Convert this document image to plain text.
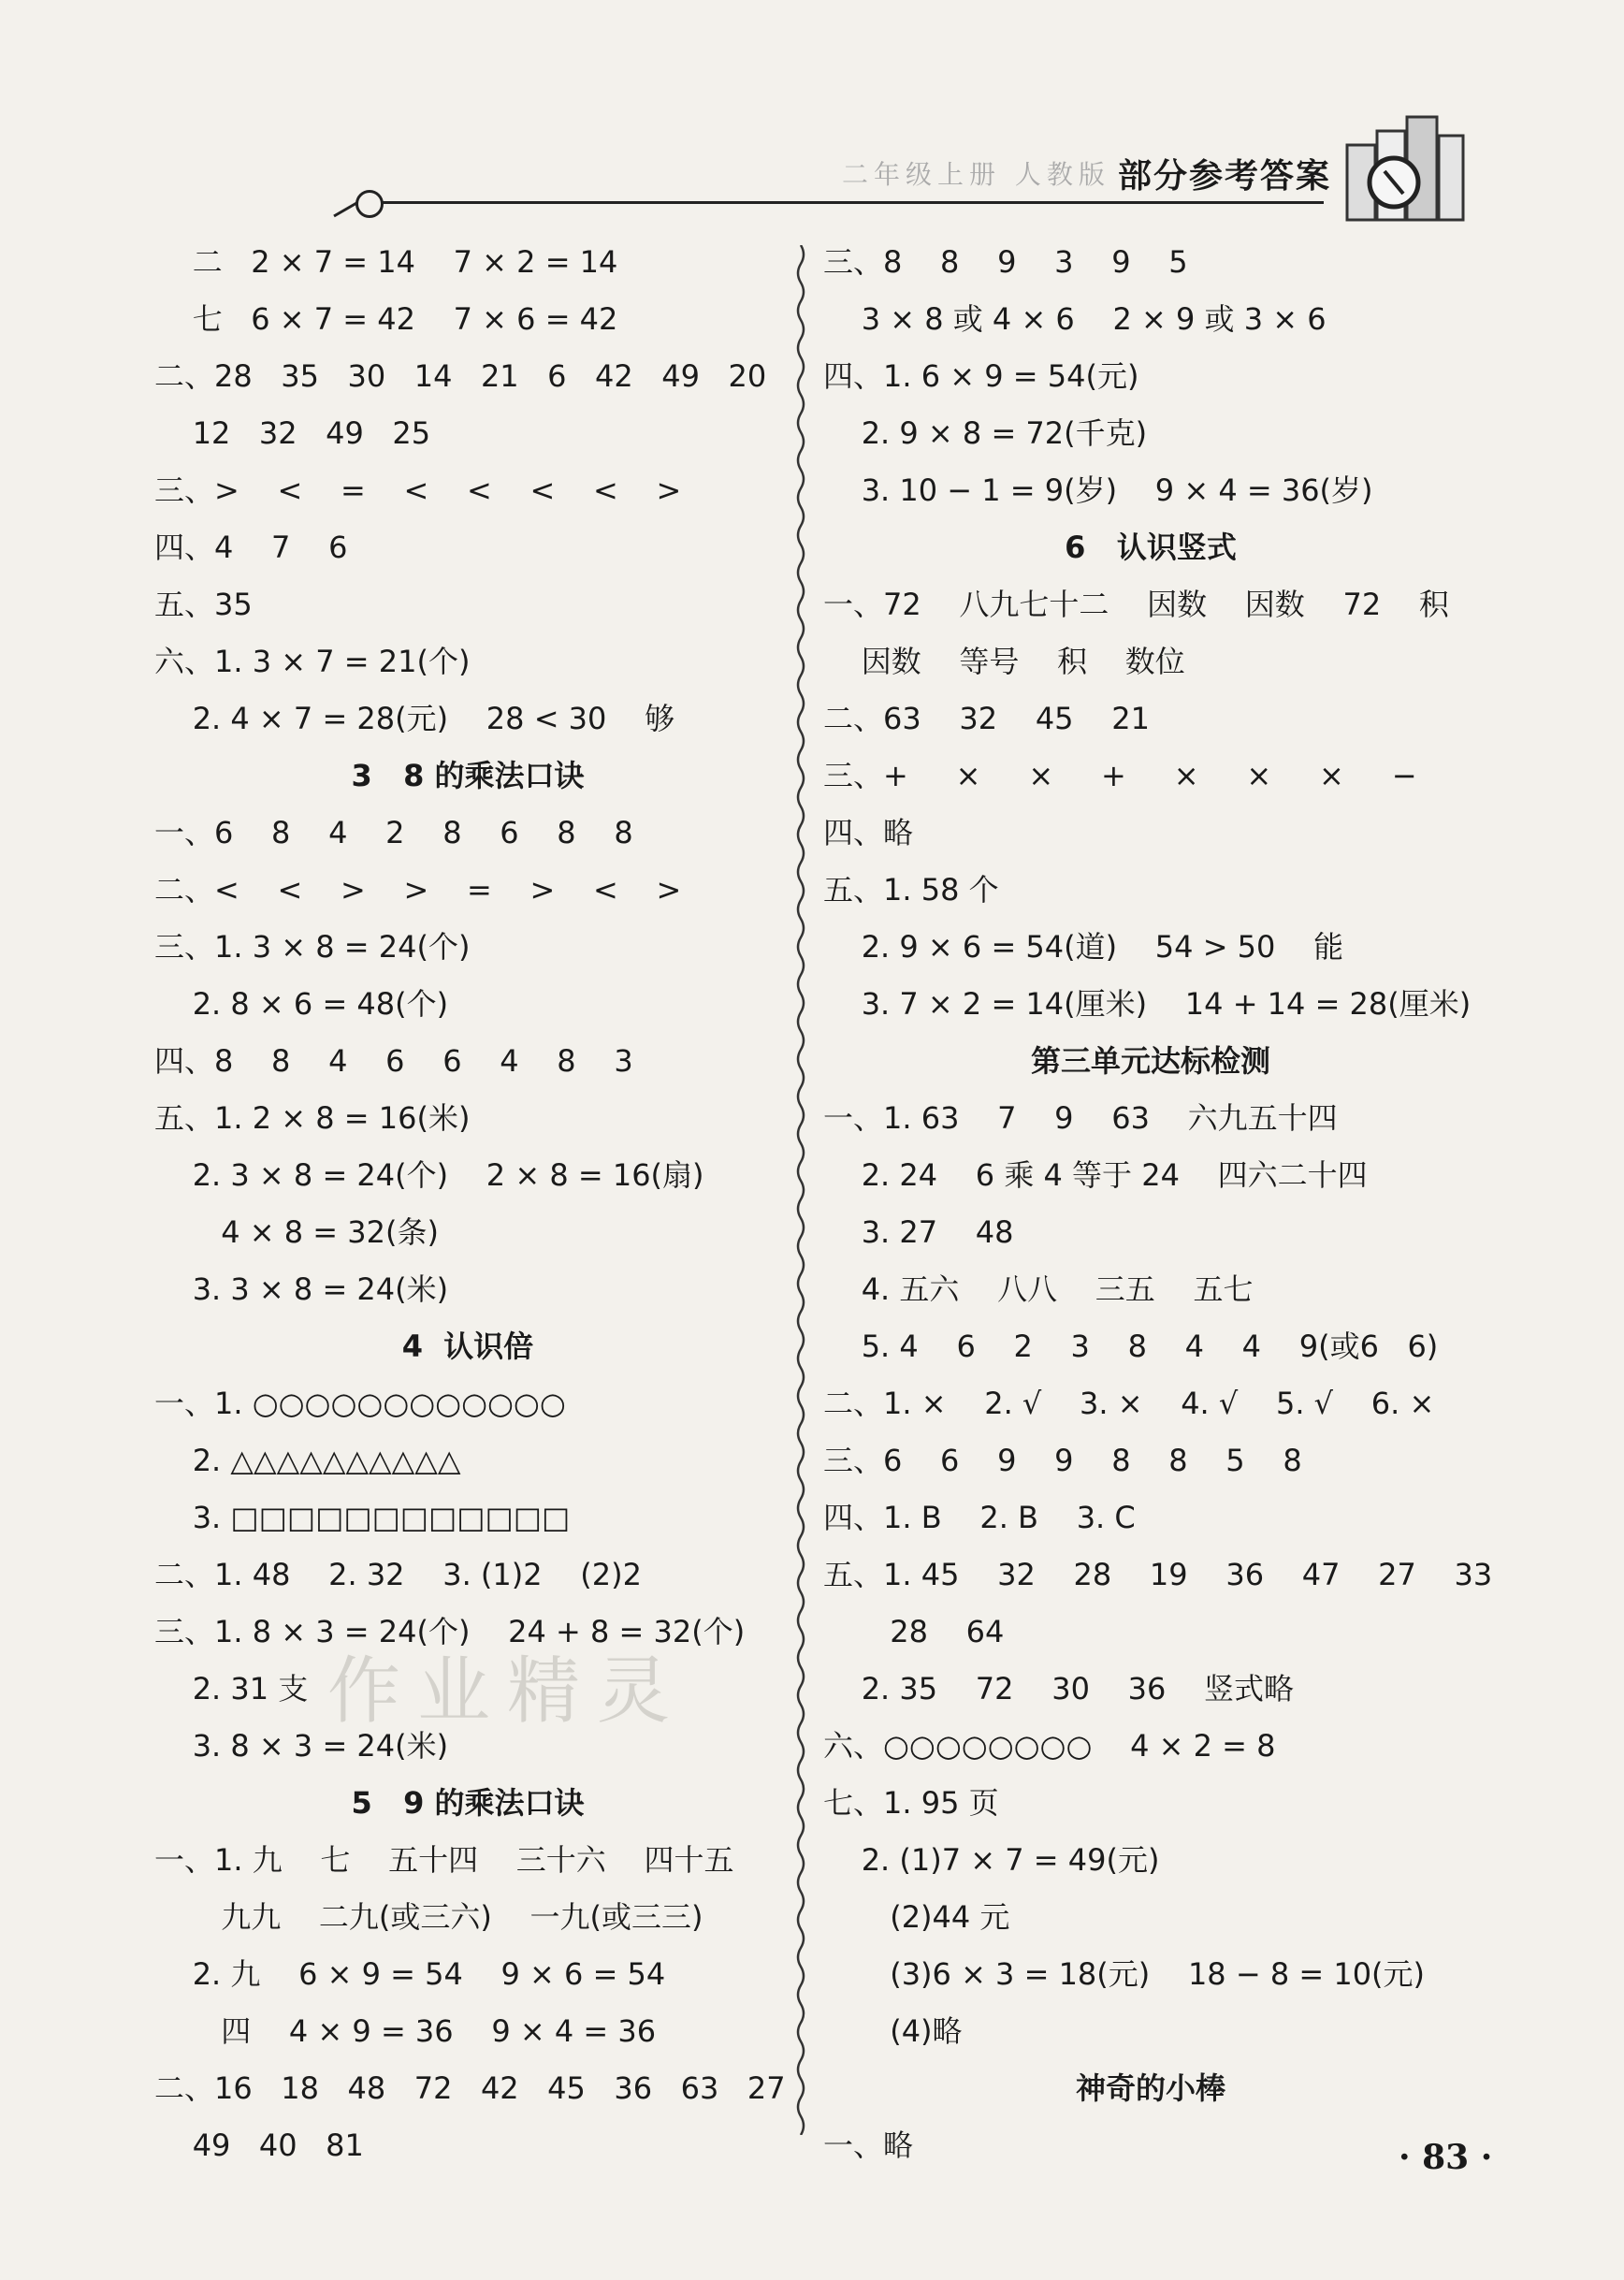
二年级上册 人教版 部分参考答案
二   2 × 7 = 14    7 × 2 = 14
七   6 × 7 = 42    7 × 6 = 42
二、28   35   30   14   21   6   42   49   20
12   32   49   25
三、>    <    =    <    <    <    <    >
四、4    7    6
五、35
六、1. 3 × 7 = 21(个)
2. 4 × 7 = 28(元)    28 < 30    够
3   8 的乘法口诀
一、6    8    4    2    8    6    8    8
二、<    <    >    >    =    >    <    >
三、1. 3 × 8 = 24(个)
2. 8 × 6 = 48(个)
四、8    8    4    6    6    4    8    3
五、1. 2 × 8 = 16(米)
2. 3 × 8 = 24(个)    2 × 8 = 16(扇)
4 × 8 = 32(条)
3. 3 × 8 = 24(米)
4  认识倍
一、1. ○○○○○○○○○○○○
2. △△△△△△△△△△
3. □□□□□□□□□□□□
二、1. 48    2. 32    3. (1)2    (2)2
三、1. 8 × 3 = 24(个)    24 + 8 = 32(个)
2. 31 支
3. 8 × 3 = 24(米)
5   9 的乘法口诀
一、1. 九    七    五十四    三十六    四十五
九九    二九(或三六)    一九(或三三)
2. 九    6 × 9 = 54    9 × 6 = 54
四    4 × 9 = 36    9 × 4 = 36
二、16   18   48   72   42   45   36   63   27
49   40   81
三、8    8    9    3    9    5
3 × 8 或 4 × 6    2 × 9 或 3 × 6
四、1. 6 × 9 = 54(元)
2. 9 × 8 = 72(千克)
3. 10 − 1 = 9(岁)    9 × 4 = 36(岁)
6   认识竖式
一、72    八九七十二    因数    因数    72    积
因数    等号    积    数位
二、63    32    45    21
三、+     ×     ×     +     ×     ×     ×     −
四、略
五、1. 58 个
2. 9 × 6 = 54(道)    54 > 50    能
3. 7 × 2 = 14(厘米)    14 + 14 = 28(厘米)
第三单元达标检测
一、1. 63    7    9    63    六九五十四
2. 24    6 乘 4 等于 24    四六二十四
3. 27    48
4. 五六    八八    三五    五七
5. 4    6    2    3    8    4    4    9(或6   6)
二、1. ×    2. √    3. ×    4. √    5. √    6. ×
三、6    6    9    9    8    8    5    8
四、1. B    2. B    3. C
五、1. 45    32    28    19    36    47    27    33
28    64
2. 35    72    30    36    竖式略
六、○○○○○○○○    4 × 2 = 8
七、1. 95 页
2. (1)7 × 7 = 49(元)
(2)44 元
(3)6 × 3 = 18(元)    18 − 8 = 10(元)
(4)略
神奇的小棒
一、略
作业精灵
· 83 ·
